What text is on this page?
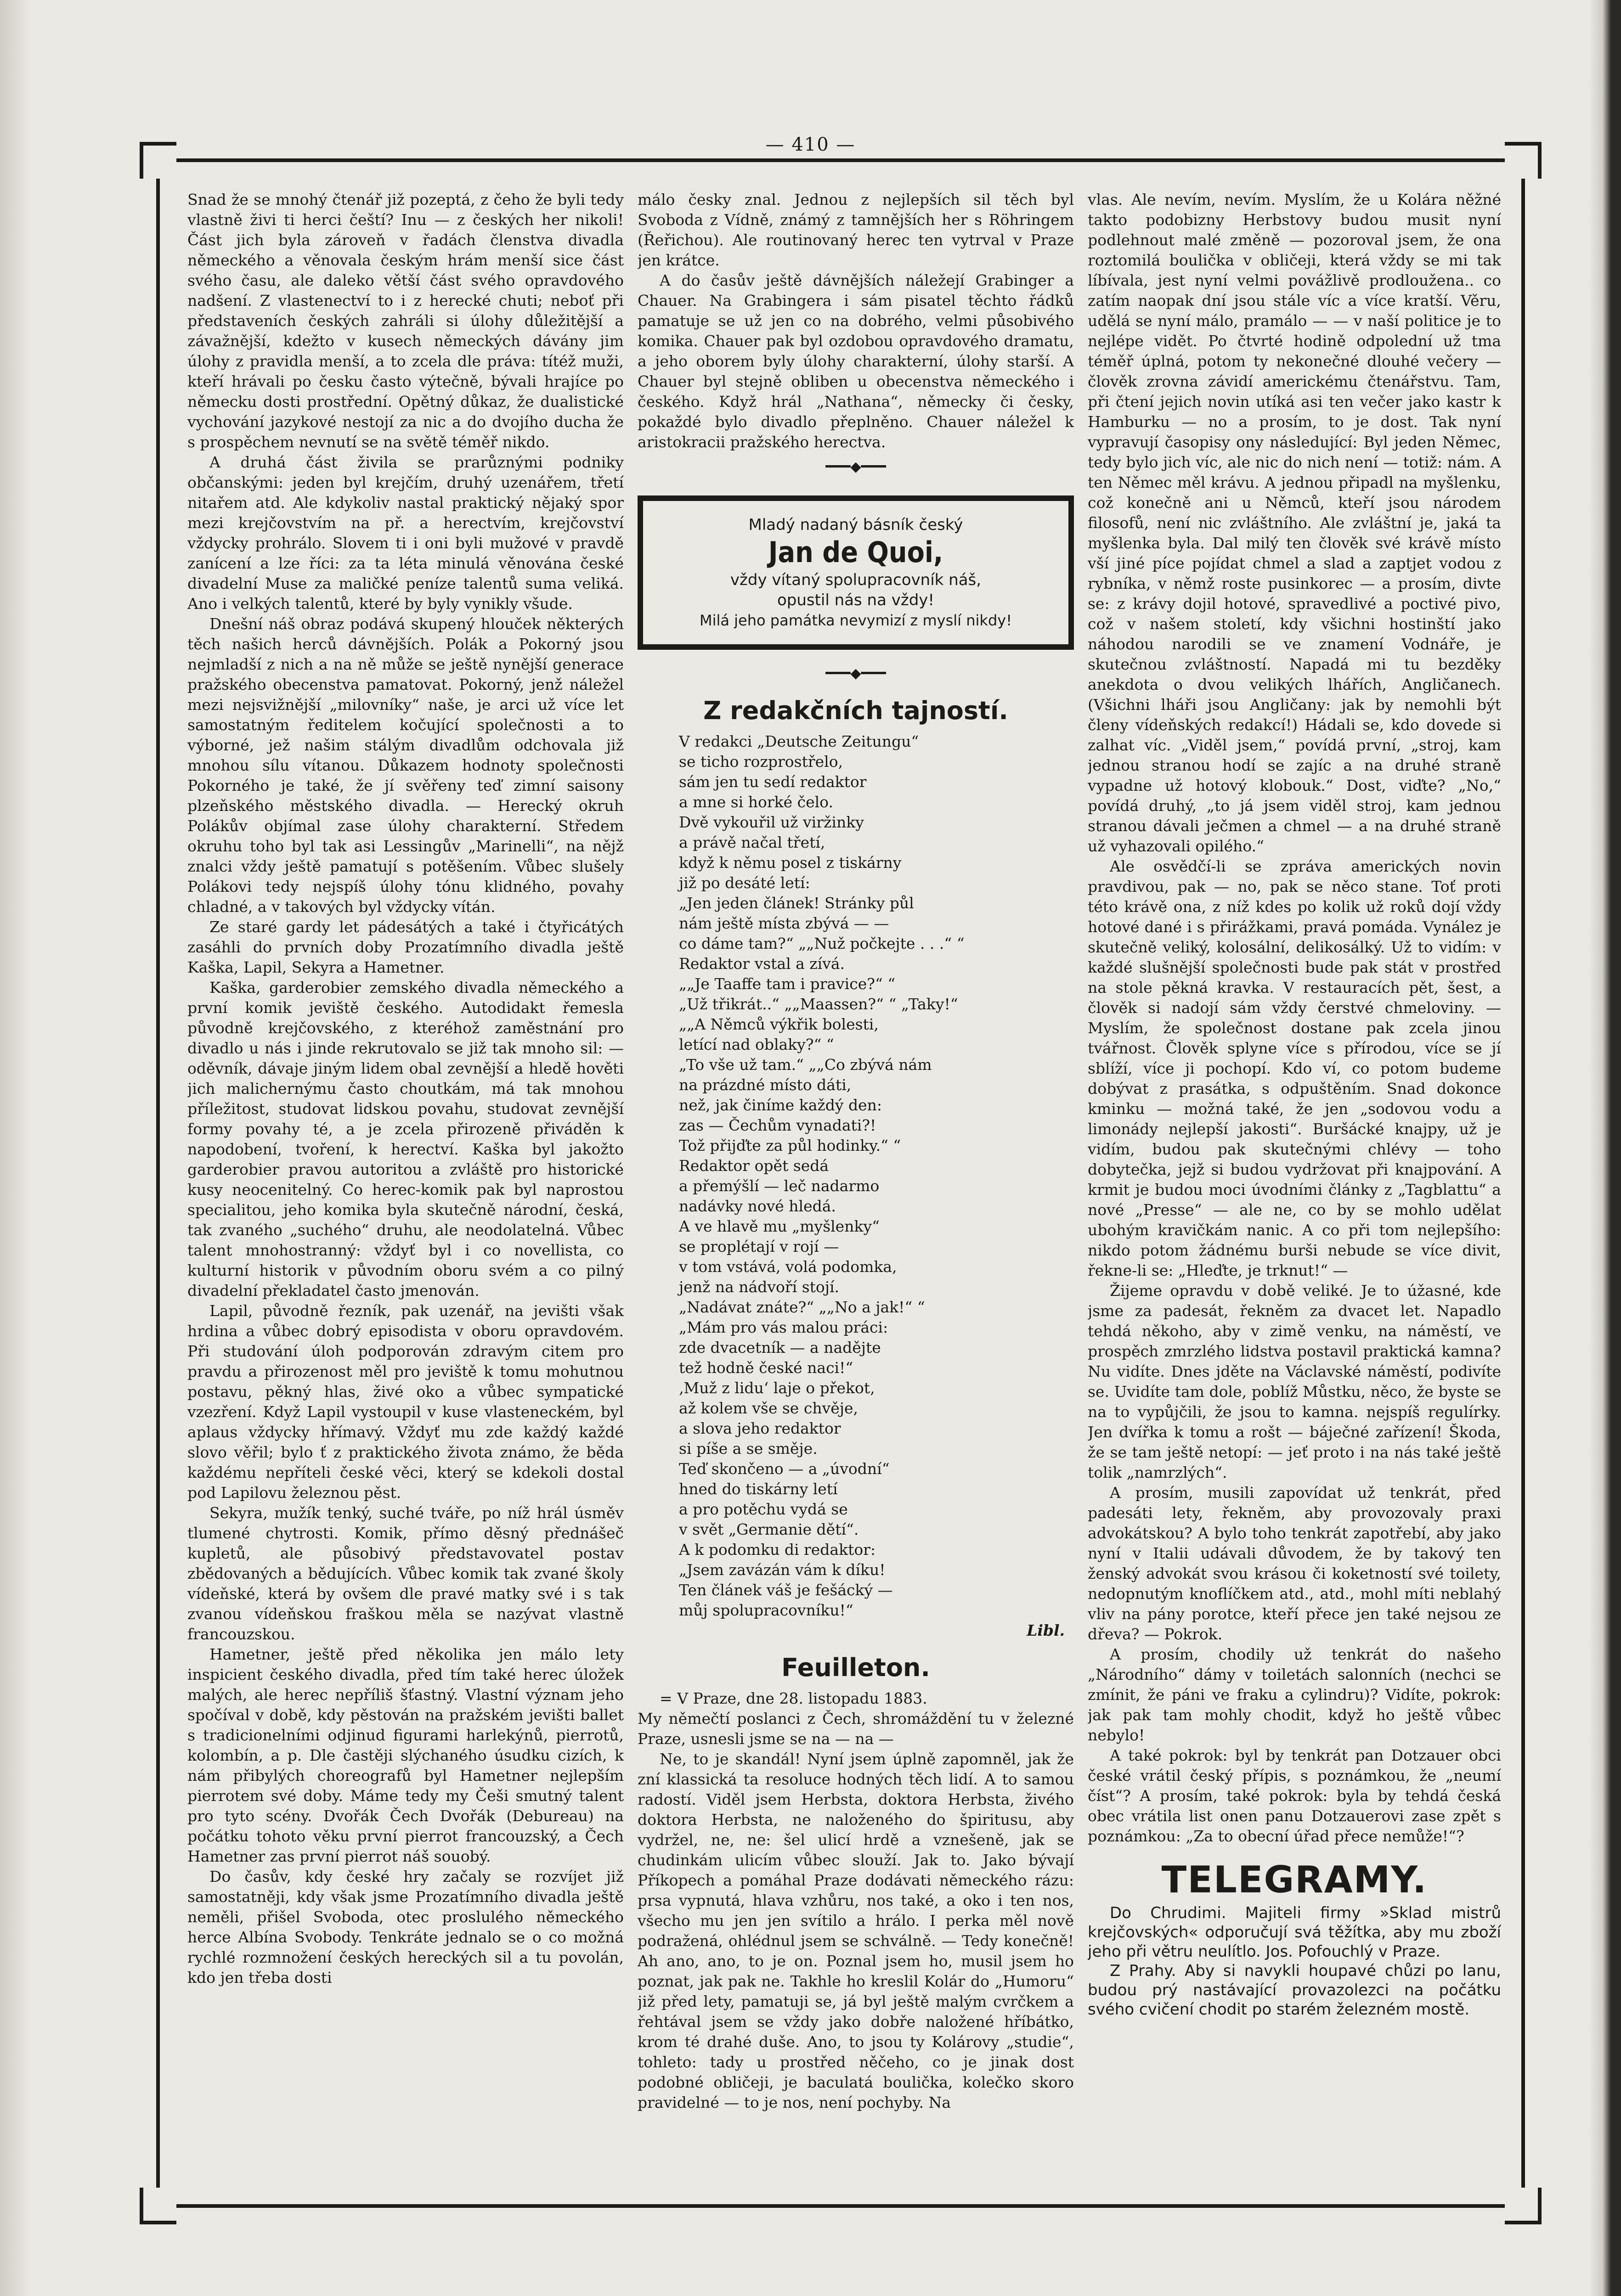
— 410 —

Snad že se mnohý čtenář již pozeptá, z čeho že byli tedy vlastně živi ti herci čeští? Inu — z českých her nikoli! Část jich byla zároveň v řadách členstva divadla německého a věnovala českým hrám menší sice část svého času, ale daleko větší část svého opravdového nadšení. Z vlastenectví to i z herecké chuti; neboť při představeních českých zahráli si úlohy důležitější a závažnější, kdežto v kusech německých dávány jim úlohy z pravidla menší, a to zcela dle práva: títéž muži, kteří hrávali po česku často výtečně, bývali hrajíce po německu dosti prostřední. Opětný důkaz, že dualistické vychování jazykové nestojí za nic a do dvojího ducha že s prospěchem nevnutí se na světě téměř nikdo.

A druhá část živila se prarůznými podniky občanskými: jeden byl krejčím, druhý uzenářem, třetí nitařem atd. Ale kdykoliv nastal praktický nějaký spor mezi krejčovstvím na př. a herectvím, krejčovství vždycky prohrálo. Slovem ti i oni byli mužové v pravdě zanícení a lze říci: za ta léta minulá věnována české divadelní Muse za maličké peníze talentů suma veliká. Ano i velkých talentů, které by byly vynikly všude.

Dnešní náš obraz podává skupený hlouček některých těch našich herců dávnějších. Polák a Pokorný jsou nejmladší z nich a na ně může se ještě nynější generace pražského obecenstva pamatovat. Pokorný, jenž náležel mezi nejsvižnější „milovníky“ naše, je arci už více let samostatným ředitelem kočující společnosti a to výborné, jež našim stálým divadlům odchovala již mnohou sílu vítanou. Důkazem hodnoty společnosti Pokorného je také, že jí svěřeny teď zimní saisony plzeňského městského divadla. — Herecký okruh Polákův objímal zase úlohy charakterní. Středem okruhu toho byl tak asi Lessingův „Marinelli“, na nějž znalci vždy ještě pamatují s potěšením. Vůbec slušely Polákovi tedy nejspíš úlohy tónu klidného, povahy chladné, a v takových byl vždycky vítán.

Ze staré gardy let pádesátých a také i čtyřicátých zasáhli do prvních doby Prozatímního divadla ještě Kaška, Lapil, Sekyra a Hametner.

Kaška, garderobier zemského divadla německého a první komik jeviště českého. Autodidakt řemesla původně krejčovského, z kteréhož zaměstnání pro divadlo u nás i jinde rekrutovalo se již tak mnoho sil: — oděvník, dávaje jiným lidem obal zevnější a hledě hověti jich malichernýmu často choutkám, má tak mnohou příležitost, studovat lidskou povahu, studovat zevnější formy povahy té, a je zcela přirozeně přiváděn k napodobení, tvoření, k herectví. Kaška byl jakožto garderobier pravou autoritou a zvláště pro historické kusy neocenitelný. Co herec-komik pak byl naprostou specialitou, jeho komika byla skutečně národní, česká, tak zvaného „suchého“ druhu, ale neodolatelná. Vůbec talent mnohostranný: vždyť byl i co novellista, co kulturní historik v původním oboru svém a co pilný divadelní překladatel často jmenován.

Lapil, původně řezník, pak uzenář, na jevišti však hrdina a vůbec dobrý episodista v oboru opravdovém. Při studování úloh podporován zdravým citem pro pravdu a přirozenost měl pro jeviště k tomu mohutnou postavu, pěkný hlas, živé oko a vůbec sympatické vzezření. Když Lapil vystoupil v kuse vlasteneckém, byl aplaus vždycky hřímavý. Vždyť mu zde každý každé slovo věřil; bylo ť z praktického života známo, že běda každému nepříteli české věci, který se kdekoli dostal pod Lapilovu železnou pěst.

Sekyra, mužík tenký, suché tváře, po níž hrál úsměv tlumené chytrosti. Komik, přímo děsný přednášeč kupletů, ale působivý představovatel postav zbědovaných a bědujících. Vůbec komik tak zvané školy vídeňské, která by ovšem dle pravé matky své i s tak zvanou vídeňskou fraškou měla se nazývat vlastně francouzskou.

Hametner, ještě před několika jen málo lety inspicient českého divadla, před tím také herec úložek malých, ale herec nepříliš šťastný. Vlastní význam jeho spočíval v době, kdy pěstován na pražském jevišti ballet s tradicionelními odjinud figurami harlekýnů, pierrotů, kolombín, a p. Dle častěji slýchaného úsudku cizích, k nám přibylých choreografů byl Hametner nejlepším pierrotem své doby. Máme tedy my Češi smutný talent pro tyto scény. Dvořák Čech Dvořák (Debureau) na počátku tohoto věku první pierrot francouzský, a Čech Hametner zas první pierrot náš souobý.

Do časův, kdy české hry začaly se rozvíjet již samostatněji, kdy však jsme Prozatímního divadla ještě neměli, přišel Svoboda, otec proslulého německého herce Albína Svobody. Tenkráte jednalo se o co možná rychlé rozmnožení českých hereckých sil a tu povolán, kdo jen třeba dosti

málo česky znal. Jednou z nejlepších sil těch byl Svoboda z Vídně, známý z tamnějších her s Röhringem (Řeřichou). Ale routinovaný herec ten vytrval v Praze jen krátce.

A do časův ještě dávnějších náležejí Grabinger a Chauer. Na Grabingera i sám pisatel těchto řádků pamatuje se už jen co na dobrého, velmi působivého komika. Chauer pak byl ozdobou opravdového dramatu, a jeho oborem byly úlohy charakterní, úlohy starší. A Chauer byl stejně obliben u obecenstva německého i českého. Když hrál „Nathana“, německy či česky, pokaždé bylo divadlo přeplněno. Chauer náležel k aristokracii pražského herectva.

━━━◆━━━
Mladý nadaný básník český
Jan de Quoi,
vždy vítaný spolupracovník náš,
opustil nás na vždy!
Milá jeho památka nevymizí z myslí nikdy!
━━━◆━━━
Z redakčních tajností.
V redakci „Deutsche Zeitungu“
se ticho rozprostřelo,
sám jen tu sedí redaktor
a mne si horké čelo.
Dvě vykouřil už viržinky
a právě načal třetí,
když k němu posel z tiskárny
již po desáté letí:
„Jen jeden článek! Stránky půl
nám ještě místa zbývá — —
co dáme tam?“ „„Nuž počkejte . . .“ “
Redaktor vstal a zívá.
„„Je Taaffe tam i pravice?“ “
„Už třikrát..“ „„Maassen?“ “ „Taky!“
„„A Němců výkřik bolesti,
letící nad oblaky?“ “
„To vše už tam.“ „„Co zbývá nám
na prázdné místo dáti,
než, jak činíme každý den:
zas — Čechům vynadati?!
Tož přijďte za půl hodinky.“ “
Redaktor opět sedá
a přemýšlí — leč nadarmo
nadávky nové hledá.
A ve hlavě mu „myšlenky“
se proplétají v rojí —
v tom vstává, volá podomka,
jenž na nádvoří stojí.
„Nadávat znáte?“ „„No a jak!“ “
„Mám pro vás malou práci:
zde dvacetník — a nadějte
tež hodně české naci!“
‚Muž z lidu‘ laje o překot,
až kolem vše se chvěje,
a slova jeho redaktor
si píše a se směje.
Teď skončeno — a „úvodní“
hned do tiskárny letí
a pro potěchu vydá se
v svět „Germanie dětí“.
A k podomku di redaktor:
„Jsem zavázán vám k díku!
Ten článek váš je fešácký —
můj spolupracovníku!“
Libl.
Feuilleton.

= V Praze, dne 28. listopadu 1883.

My němečtí poslanci z Čech, shromáždění tu v železné Praze, usnesli jsme se na — na —

Ne, to je skandál! Nyní jsem úplně zapomněl, jak že zní klassická ta resoluce hodných těch lidí. A to samou radostí. Viděl jsem Herbsta, doktora Herbsta, živého doktora Herbsta, ne naloženého do špiritusu, aby vydržel, ne, ne: šel ulicí hrdě a vznešeně, jak se chudinkám ulicím vůbec slouží. Jak to. Jako bývají Příkopech a pomáhal Praze dodávati německého rázu: prsa vypnutá, hlava vzhůru, nos také, a oko i ten nos, všecho mu jen jen svítilo a hrálo. I perka měl nově podražená, ohlédnul jsem se schválně. — Tedy konečně! Ah ano, ano, to je on. Poznal jsem ho, musil jsem ho poznat, jak pak ne. Takhle ho kreslil Kolár do „Humoru“ již před lety, pamatuji se, já byl ještě malým cvrčkem a řehtával jsem se vždy jako dobře naložené hříbátko, krom té drahé duše. Ano, to jsou ty Kolárovy „studie“, tohleto: tady u prostřed něčeho, co je jinak dost podobné obličeji, je baculatá boulička, kolečko skoro pravidelné — to je nos, není pochyby. Na

vlas. Ale nevím, nevím. Myslím, že u Kolára něžné takto podobizny Herbstovy budou musit nyní podlehnout malé změně — pozoroval jsem, že ona roztomilá boulička v obličeji, která vždy se mi tak líbívala, jest nyní velmi povážlivě prodloužena.. co zatím naopak dní jsou stále víc a více kratší. Věru, udělá se nyní málo, pramálo — — v naší politice je to nejlépe vidět. Po čtvrté hodině odpolední už tma téměř úplná, potom ty nekonečné dlouhé večery — člověk zrovna závidí americkému čtenářstvu. Tam, při čtení jejich novin utíká asi ten večer jako kastr k Hamburku — no a prosím, to je dost. Tak nyní vypravují časopisy ony následující: Byl jeden Němec, tedy bylo jich víc, ale nic do nich není — totiž: nám. A ten Němec měl krávu. A jednou připadl na myšlenku, což konečně ani u Němců, kteří jsou národem filosofů, není nic zvláštního. Ale zvláštní je, jaká ta myšlenka byla. Dal milý ten člověk své krávě místo vší jiné píce pojídat chmel a slad a zaptjet vodou z rybníka, v němž roste pusinkorec — a prosím, divte se: z krávy dojil hotové, spravedlivé a poctivé pivo, což v našem století, kdy všichni hostinští jako náhodou narodili se ve znamení Vodnáře, je skutečnou zvláštností. Napadá mi tu bezděky anekdota o dvou velikých lhářích, Angličanech. (Všichni lháři jsou Angličany: jak by nemohli být členy vídeňských redakcí!) Hádali se, kdo dovede si zalhat víc. „Viděl jsem,“ povídá první, „stroj, kam jednou stranou hodí se zajíc a na druhé straně vypadne už hotový klobouk.“ Dost, viďte? „No,“ povídá druhý, „to já jsem viděl stroj, kam jednou stranou dávali ječmen a chmel — a na druhé straně už vyhazovali opilého.“

Ale osvědčí-li se zpráva amerických novin pravdivou, pak — no, pak se něco stane. Toť proti této krávě ona, z níž kdes po kolik už roků dojí vždy hotové dané i s přirážkami, pravá pomáda. Vynález je skutečně veliký, kolosální, delikosálký. Už to vidím: v každé slušnější společnosti bude pak stát v prostřed na stole pěkná kravka. V restauracích pět, šest, a člověk si nadojí sám vždy čerstvé chmeloviny. — Myslím, že společnost dostane pak zcela jinou tvářnost. Člověk splyne více s přírodou, více se jí sblíží, více ji pochopí. Kdo ví, co potom budeme dobývat z prasátka, s odpuštěním. Snad dokonce kminku — možná také, že jen „sodovou vodu a limonády nejlepší jakosti“. Buršácké knajpy, už je vidím, budou pak skutečnými chlévy — toho dobytečka, jejž si budou vydržovat při knajpování. A krmit je budou moci úvodními články z „Tagblattu“ a nové „Presse“ — ale ne, co by se mohlo udělat ubohým kravičkám nanic. A co při tom nejlepšího: nikdo potom žádnému burši nebude se více divit, řekne-li se: „Hleďte, je trknut!“ —

Žijeme opravdu v době veliké. Je to úžasné, kde jsme za padesát, řekněm za dvacet let. Napadlo tehdá někoho, aby v zimě venku, na náměstí, ve prospěch zmrzlého lidstva postavil praktická kamna? Nu vidíte. Dnes jděte na Václavské náměstí, podivíte se. Uvidíte tam dole, poblíž Můstku, něco, že byste se na to vypůjčili, že jsou to kamna. nejspíš regulírky. Jen dvířka k tomu a rošt — báječné zařízení! Škoda, že se tam ještě netopí: — jeť proto i na nás také ještě tolik „namrzlých“.

A prosím, musili zapovídat už tenkrát, před padesáti lety, řekněm, aby provozovaly praxi advokátskou? A bylo toho tenkrát zapotřebí, aby jako nyní v Italii udávali důvodem, že by takový ten ženský advokát svou krásou či koketností své toilety, nedopnutým knoflíčkem atd., atd., mohl míti neblahý vliv na pány porotce, kteří přece jen také nejsou ze dřeva? — Pokrok.

A prosím, chodily už tenkrát do našeho „Národního“ dámy v toiletách salonních (nechci se zmínit, že páni ve fraku a cylindru)? Vidíte, pokrok: jak pak tam mohly chodit, když ho ještě vůbec nebylo!

A také pokrok: byl by tenkrát pan Dotzauer obci české vrátil český přípis, s poznámkou, že „neumí číst“? A prosím, také pokrok: byla by tehdá česká obec vrátila list onen panu Dotzauerovi zase zpět s poznámkou: „Za to obecní úřad přece nemůže!“?

TELEGRAMY.

Do Chrudimi. Majiteli firmy »Sklad mistrů krejčovských« odporučují svá těžítka, aby mu zboží jeho při větru neulítlo. Jos. Pofouchlý v Praze.

Z Prahy. Aby si navykli houpavé chůzi po lanu, budou prý nastávající provazolezci na počátku svého cvičení chodit po starém železném mostě.
